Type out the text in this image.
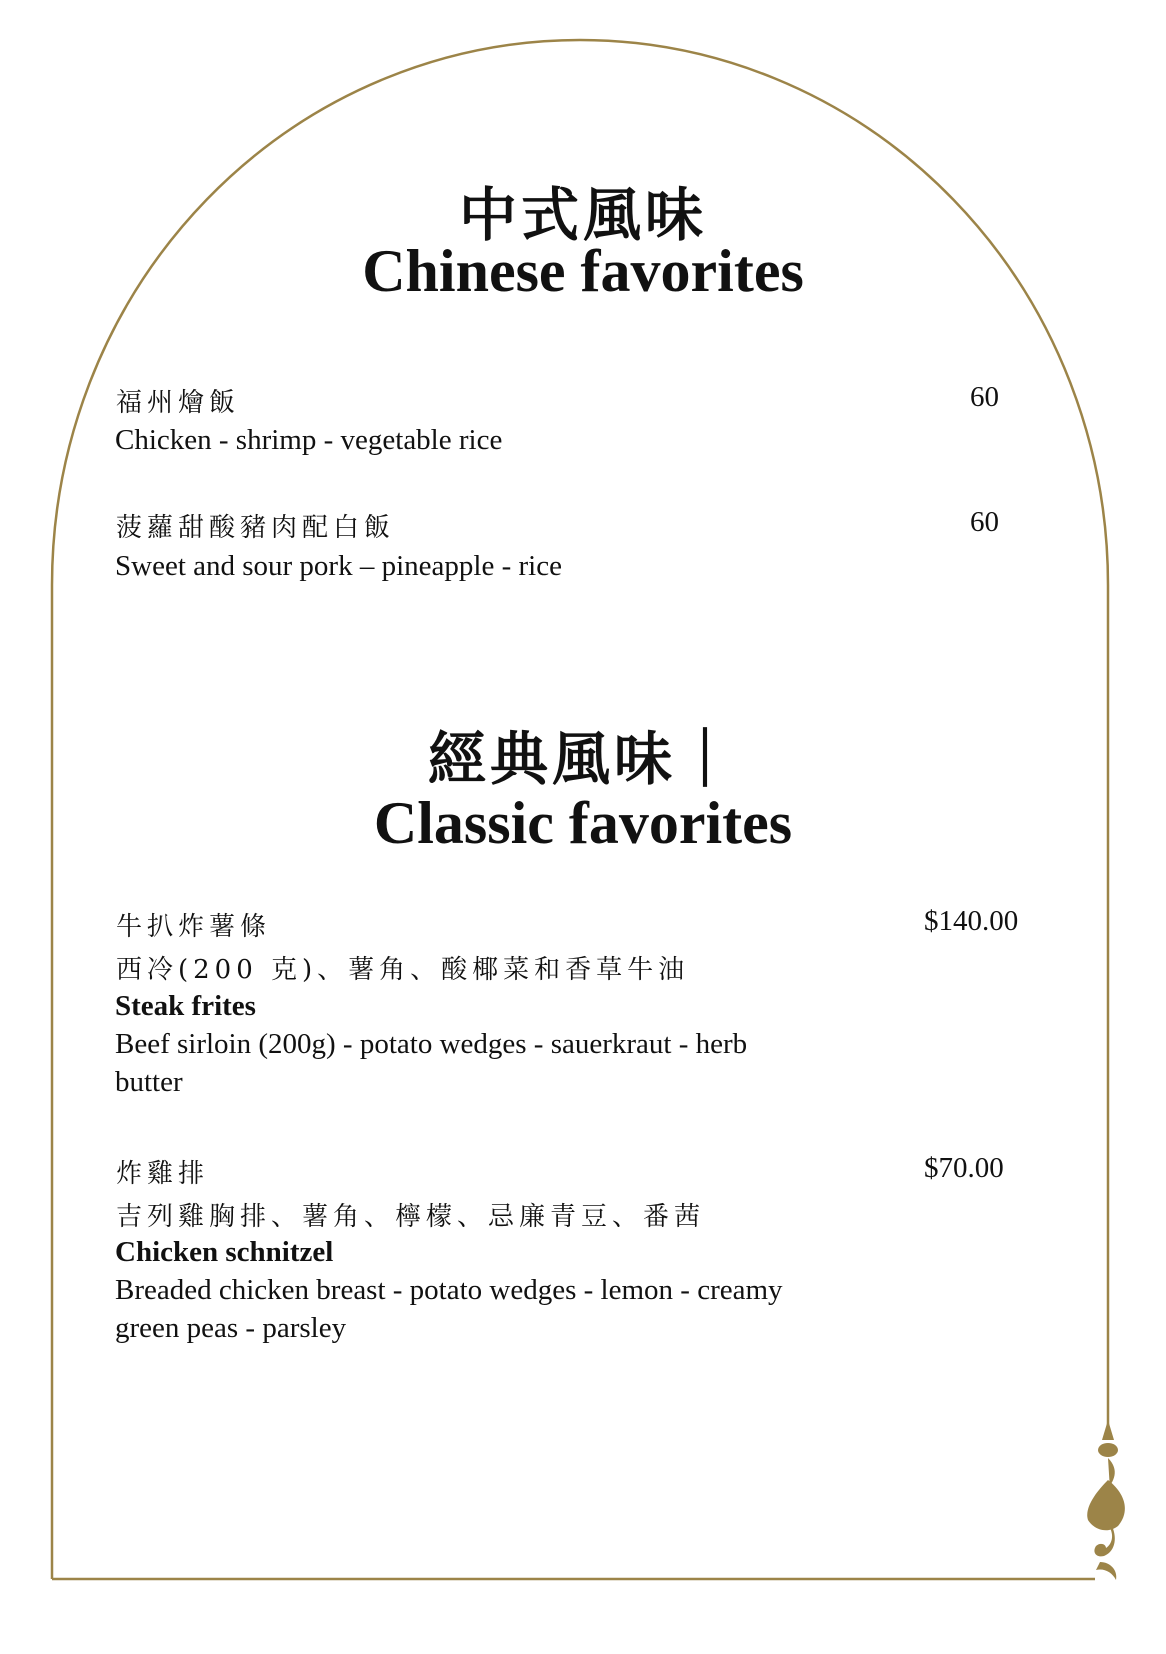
中式風味
Chinese favorites
福州燴飯	60
Chicken - shrimp - vegetable rice
菠蘿甜酸豬肉配白飯	60
Sweet and sour pork – pineapple - rice
經典風味｜
Classic favorites
牛扒炸薯條	$140.00
西冷(200 克)、薯角、酸椰菜和香草牛油
Steak frites
Beef sirloin (200g) - potato wedges - sauerkraut - herb
butter
炸雞排	$70.00
吉列雞胸排、薯角、檸檬、忌廉青豆、番茜
Chicken schnitzel
Breaded chicken breast - potato wedges - lemon - creamy
green peas - parsley
